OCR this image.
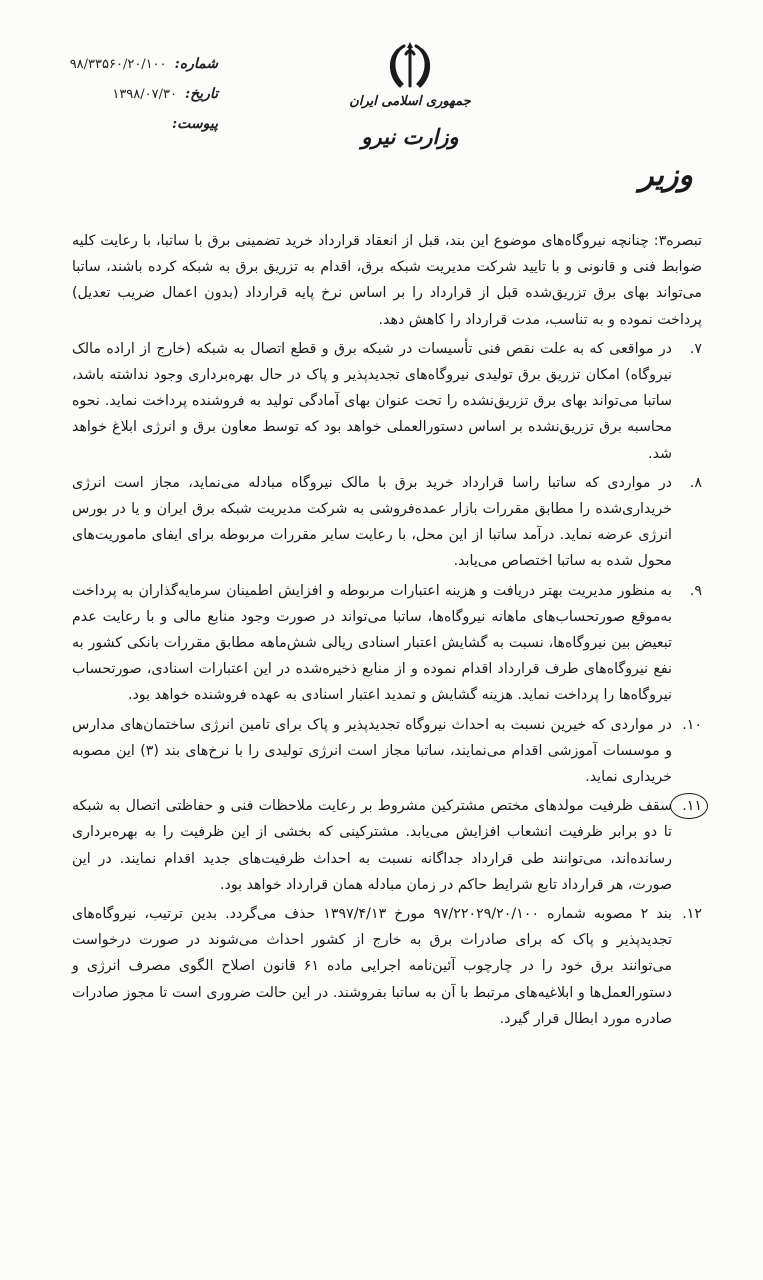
شماره:
۹۸/۳۳۵۶۰/۲۰/۱۰۰
تاریخ:
۱۳۹۸/۰۷/۳۰
پیوست:
جمهوری اسلامی ایران
وزارت نیرو
وزیر

تبصره۳: چنانچه نیروگاه‌های موضوع این بند، قبل از انعقاد قرارداد خرید تضمینی برق با ساتبا، با رعایت کلیه ضوابط فنی و قانونی و با تایید شرکت مدیریت شبکه برق، اقدام به تزریق برق به شبکه کرده باشند، ساتبا می‌تواند بهای برق تزریق‌شده قبل از قرارداد را بر اساس نرخ پایه قرارداد (بدون اعمال ضریب تعدیل) پرداخت نموده و به تناسب، مدت قرارداد را کاهش دهد.

۷.
در مواقعی که به علت نقص فنی تأسیسات در شبکه برق و قطع اتصال به شبکه (خارج از اراده مالک نیروگاه) امکان تزریق برق تولیدی نیروگاه‌های تجدیدپذیر و پاک در حال بهره‌برداری وجود نداشته باشد، ساتبا می‌تواند بهای برق تزریق‌نشده را تحت عنوان بهای آمادگی تولید به فروشنده پرداخت نماید. نحوه محاسبه برق تزریق‌نشده بر اساس دستورالعملی خواهد بود که توسط معاون برق و انرژی ابلاغ خواهد شد.
۸.
در مواردی که ساتبا راسا قرارداد خرید برق با مالک نیروگاه مبادله می‌نماید، مجاز است انرژی خریداری‌شده را مطابق مقررات بازار عمده‌فروشی به شرکت مدیریت شبکه برق ایران و یا در بورس انرژی عرضه نماید. درآمد ساتبا از این محل، با رعایت سایر مقررات مربوطه برای ایفای ماموریت‌های محول شده به ساتبا اختصاص می‌یابد.
۹.
به منظور مدیریت بهتر دریافت و هزینه اعتبارات مربوطه و افزایش اطمینان سرمایه‌گذاران به پرداخت به‌موقع صورتحساب‌های ماهانه نیروگاه‌ها، ساتبا می‌تواند در صورت وجود منابع مالی و با رعایت عدم تبعیض بین نیروگاه‌ها، نسبت به گشایش اعتبار اسنادی ریالی شش‌ماهه مطابق مقررات بانکی کشور به نفع نیروگاه‌های طرف قرارداد اقدام نموده و از منابع ذخیره‌شده در این اعتبارات اسنادی، صورتحساب نیروگاه‌ها را پرداخت نماید. هزینه گشایش و تمدید اعتبار اسنادی به عهده فروشنده خواهد بود.
۱۰.
در مواردی که خیرین نسبت به احداث نیروگاه تجدیدپذیر و پاک برای تامین انرژی ساختمان‌های مدارس و موسسات آموزشی اقدام می‌نمایند، ساتبا مجاز است انرژی تولیدی را با نرخ‌های بند (۳) این مصوبه خریداری نماید.
۱۱.
سقف ظرفیت مولدهای مختص مشترکین مشروط بر رعایت ملاحظات فنی و حفاظتی اتصال به شبکه تا دو برابر ظرفیت انشعاب افزایش می‌یابد. مشترکینی که بخشی از این ظرفیت را به بهره‌برداری رسانده‌اند، می‌توانند طی قرارداد جداگانه نسبت به احداث ظرفیت‌های جدید اقدام نمایند. در این صورت، هر قرارداد تابع شرایط حاکم در زمان مبادله همان قرارداد خواهد بود.
۱۲.
بند ۲ مصوبه شماره ۹۷/۲۲۰۲۹/۲۰/۱۰۰ مورخ ۱۳۹۷/۴/۱۳ حذف می‌گردد. بدین ترتیب، نیروگاه‌های تجدیدپذیر و پاک که برای صادرات برق به خارج از کشور احداث می‌شوند در صورت درخواست می‌توانند برق خود را در چارچوب آئین‌نامه اجرایی ماده ۶۱ قانون اصلاح الگوی مصرف انرژی و دستورالعمل‌ها و ابلاغیه‌های مرتبط با آن به ساتبا بفروشند. در این حالت ضروری است تا مجوز صادرات صادره مورد ابطال قرار گیرد.
